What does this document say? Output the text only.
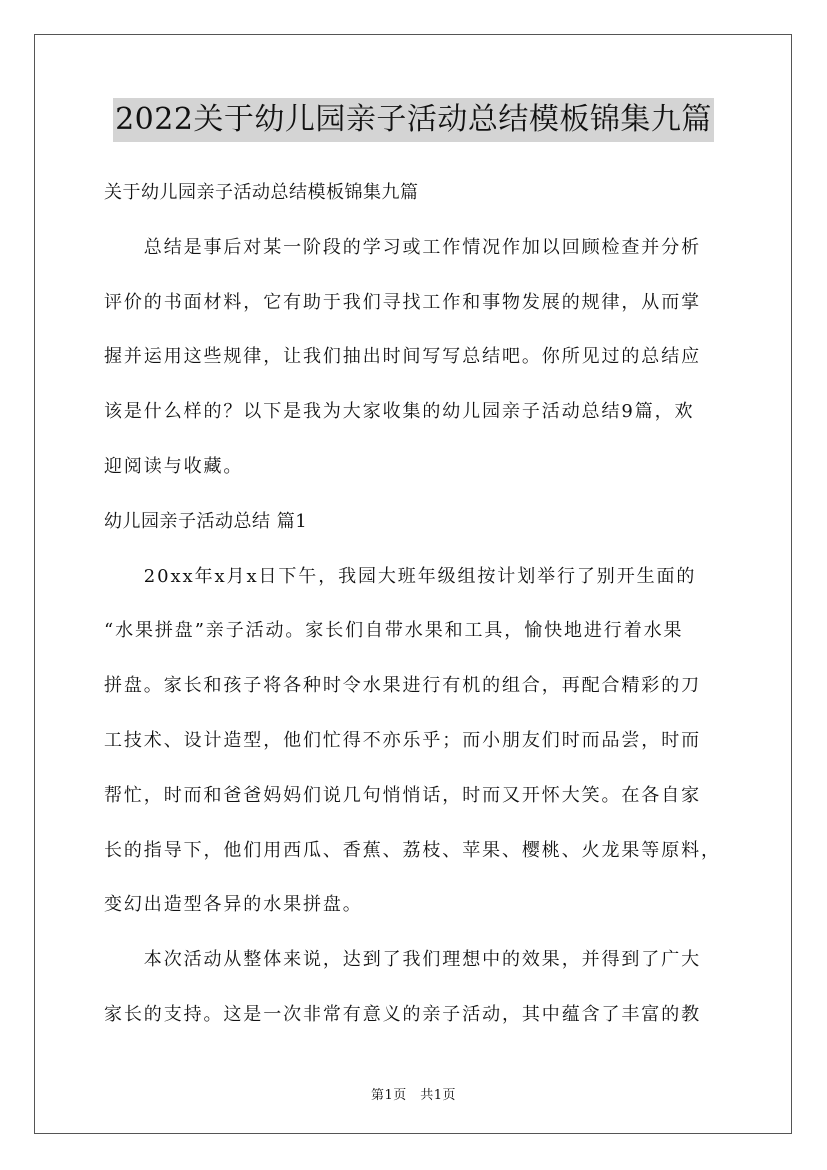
2022关于幼儿园亲子活动总结模板锦集九篇
关于幼儿园亲子活动总结模板锦集九篇
　　总结是事后对某一阶段的学习或工作情况作加以回顾检查并分析
评价的书面材料，它有助于我们寻找工作和事物发展的规律，从而掌
握并运用这些规律，让我们抽出时间写写总结吧。你所见过的总结应
该是什么样的？以下是我为大家收集的幼儿园亲子活动总结9篇，欢
迎阅读与收藏。
幼儿园亲子活动总结 篇1
　　20xx年x月x日下午，我园大班年级组按计划举行了别开生面的
“水果拼盘”亲子活动。家长们自带水果和工具，愉快地进行着水果
拼盘。家长和孩子将各种时令水果进行有机的组合，再配合精彩的刀
工技术、设计造型，他们忙得不亦乐乎；而小朋友们时而品尝，时而
帮忙，时而和爸爸妈妈们说几句悄悄话，时而又开怀大笑。在各自家
长的指导下，他们用西瓜、香蕉、荔枝、苹果、樱桃、火龙果等原料，
变幻出造型各异的水果拼盘。
　　本次活动从整体来说，达到了我们理想中的效果，并得到了广大
家长的支持。这是一次非常有意义的亲子活动，其中蕴含了丰富的教
第1页　共1页
